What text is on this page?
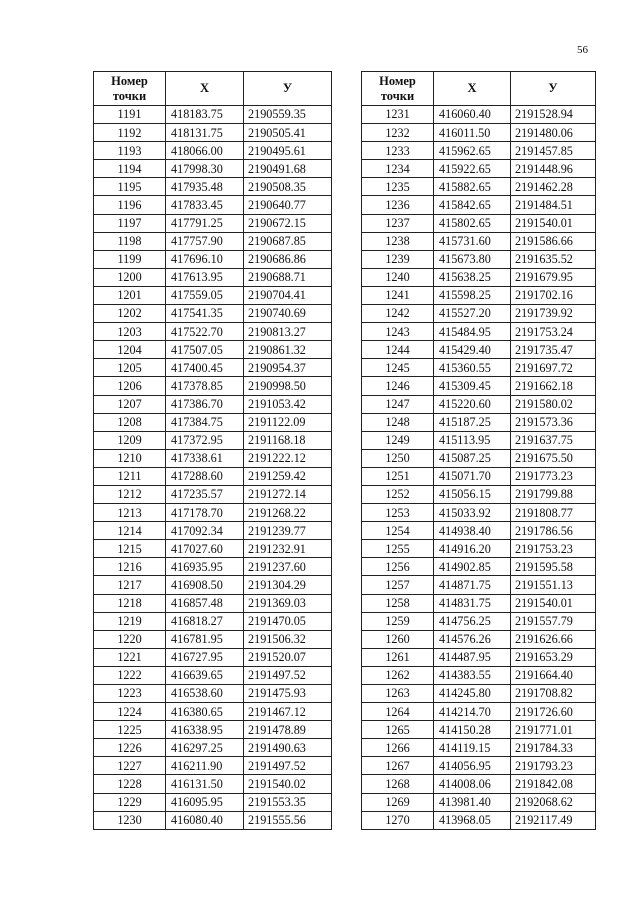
56
Номер точки	X	У
1191	418183.75	2190559.35
1192	418131.75	2190505.41
1193	418066.00	2190495.61
1194	417998.30	2190491.68
1195	417935.48	2190508.35
1196	417833.45	2190640.77
1197	417791.25	2190672.15
1198	417757.90	2190687.85
1199	417696.10	2190686.86
1200	417613.95	2190688.71
1201	417559.05	2190704.41
1202	417541.35	2190740.69
1203	417522.70	2190813.27
1204	417507.05	2190861.32
1205	417400.45	2190954.37
1206	417378.85	2190998.50
1207	417386.70	2191053.42
1208	417384.75	2191122.09
1209	417372.95	2191168.18
1210	417338.61	2191222.12
1211	417288.60	2191259.42
1212	417235.57	2191272.14
1213	417178.70	2191268.22
1214	417092.34	2191239.77
1215	417027.60	2191232.91
1216	416935.95	2191237.60
1217	416908.50	2191304.29
1218	416857.48	2191369.03
1219	416818.27	2191470.05
1220	416781.95	2191506.32
1221	416727.95	2191520.07
1222	416639.65	2191497.52
1223	416538.60	2191475.93
1224	416380.65	2191467.12
1225	416338.95	2191478.89
1226	416297.25	2191490.63
1227	416211.90	2191497.52
1228	416131.50	2191540.02
1229	416095.95	2191553.35
1230	416080.40	2191555.56
Номер точки	X	У
1231	416060.40	2191528.94
1232	416011.50	2191480.06
1233	415962.65	2191457.85
1234	415922.65	2191448.96
1235	415882.65	2191462.28
1236	415842.65	2191484.51
1237	415802.65	2191540.01
1238	415731.60	2191586.66
1239	415673.80	2191635.52
1240	415638.25	2191679.95
1241	415598.25	2191702.16
1242	415527.20	2191739.92
1243	415484.95	2191753.24
1244	415429.40	2191735.47
1245	415360.55	2191697.72
1246	415309.45	2191662.18
1247	415220.60	2191580.02
1248	415187.25	2191573.36
1249	415113.95	2191637.75
1250	415087.25	2191675.50
1251	415071.70	2191773.23
1252	415056.15	2191799.88
1253	415033.92	2191808.77
1254	414938.40	2191786.56
1255	414916.20	2191753.23
1256	414902.85	2191595.58
1257	414871.75	2191551.13
1258	414831.75	2191540.01
1259	414756.25	2191557.79
1260	414576.26	2191626.66
1261	414487.95	2191653.29
1262	414383.55	2191664.40
1263	414245.80	2191708.82
1264	414214.70	2191726.60
1265	414150.28	2191771.01
1266	414119.15	2191784.33
1267	414056.95	2191793.23
1268	414008.06	2191842.08
1269	413981.40	2192068.62
1270	413968.05	2192117.49
